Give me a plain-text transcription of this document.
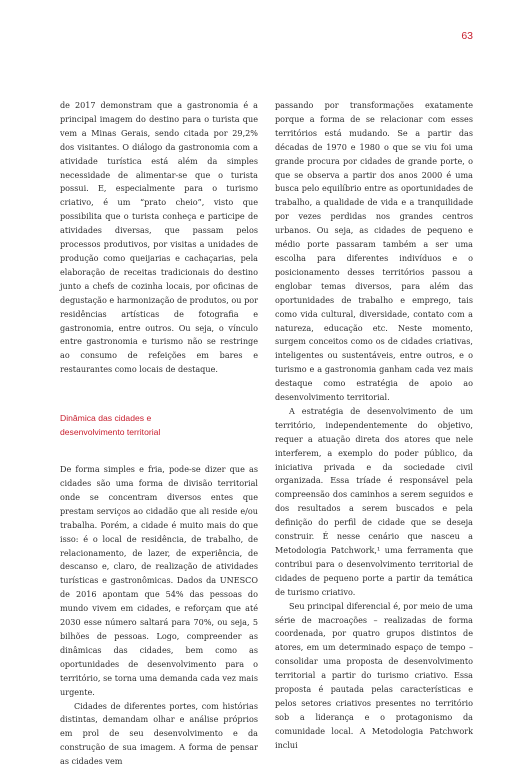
63

de 2017 demonstram que a gastronomia é a principal imagem do destino para o turista que vem a Minas Gerais, sendo citada por 29,2% dos visitantes. O diálogo da gastronomia com a atividade turística está além da simples necessidade de alimentar-se que o turista possui. E, especialmente para o turismo criativo, é um “prato cheio”, visto que possibilita que o turista conheça e participe de atividades diversas, que passam pelos processos produtivos, por visitas a unidades de produção como queijarias e cachaçarias, pela elaboração de receitas tradicionais do destino junto a chefs de cozinha locais, por oficinas de degustação e harmonização de produtos, ou por residências artísticas de fotografia e gastronomia, entre outros. Ou seja, o vínculo entre gastronomia e turismo não se restringe ao consumo de refeições em bares e restaurantes como locais de destaque.

Dinâmica das cidades e
desenvolvimento territorial

De forma simples e fria, pode-se dizer que as cidades são uma forma de divisão territorial onde se concentram diversos entes que prestam serviços ao cidadão que ali reside e/ou trabalha. Porém, a cidade é muito mais do que isso: é o local de residência, de trabalho, de relacionamento, de lazer, de experiência, de descanso e, claro, de realização de atividades turísticas e gastronômicas. Dados da UNESCO de 2016 apontam que 54% das pessoas do mundo vivem em cidades, e reforçam que até 2030 esse número saltará para 70%, ou seja, 5 bilhões de pessoas. Logo, compreender as dinâmicas das cidades, bem como as oportunidades de desenvolvimento para o território, se torna uma demanda cada vez mais urgente.

Cidades de diferentes portes, com histórias distintas, demandam olhar e análise próprios em prol de seu desenvolvimento e da construção de sua imagem. A forma de pensar as cidades vem

passando por transformações exatamente porque a forma de se relacionar com esses territórios está mudando. Se a partir das décadas de 1970 e 1980 o que se viu foi uma grande procura por cidades de grande porte, o que se observa a partir dos anos 2000 é uma busca pelo equilíbrio entre as oportunidades de trabalho, a qualidade de vida e a tranquilidade por vezes perdidas nos grandes centros urbanos. Ou seja, as cidades de pequeno e médio porte passaram também a ser uma escolha para diferentes indivíduos e o posicionamento desses territórios passou a englobar temas diversos, para além das oportunidades de trabalho e emprego, tais como vida cultural, diversidade, contato com a natureza, educação etc. Neste momento, surgem conceitos como os de cidades criativas, inteligentes ou sustentáveis, entre outros, e o turismo e a gastronomia ganham cada vez mais destaque como estratégia de apoio ao desenvolvimento territorial.

A estratégia de desenvolvimento de um território, independentemente do objetivo, requer a atuação direta dos atores que nele interferem, a exemplo do poder público, da iniciativa privada e da sociedade civil organizada. Essa tríade é responsável pela compreensão dos caminhos a serem seguidos e dos resultados a serem buscados e pela definição do perfil de cidade que se deseja construir. É nesse cenário que nasceu a Metodologia Patchwork,¹ uma ferramenta que contribui para o desenvolvimento territorial de cidades de pequeno porte a partir da temática de turismo criativo.

Seu principal diferencial é, por meio de uma série de macroações – realizadas de forma coordenada, por quatro grupos distintos de atores, em um determinado espaço de tempo – consolidar uma proposta de desenvolvimento territorial a partir do turismo criativo. Essa proposta é pautada pelas características e pelos setores criativos presentes no território sob a liderança e o protagonismo da comunidade local. A Metodologia Patchwork inclui
